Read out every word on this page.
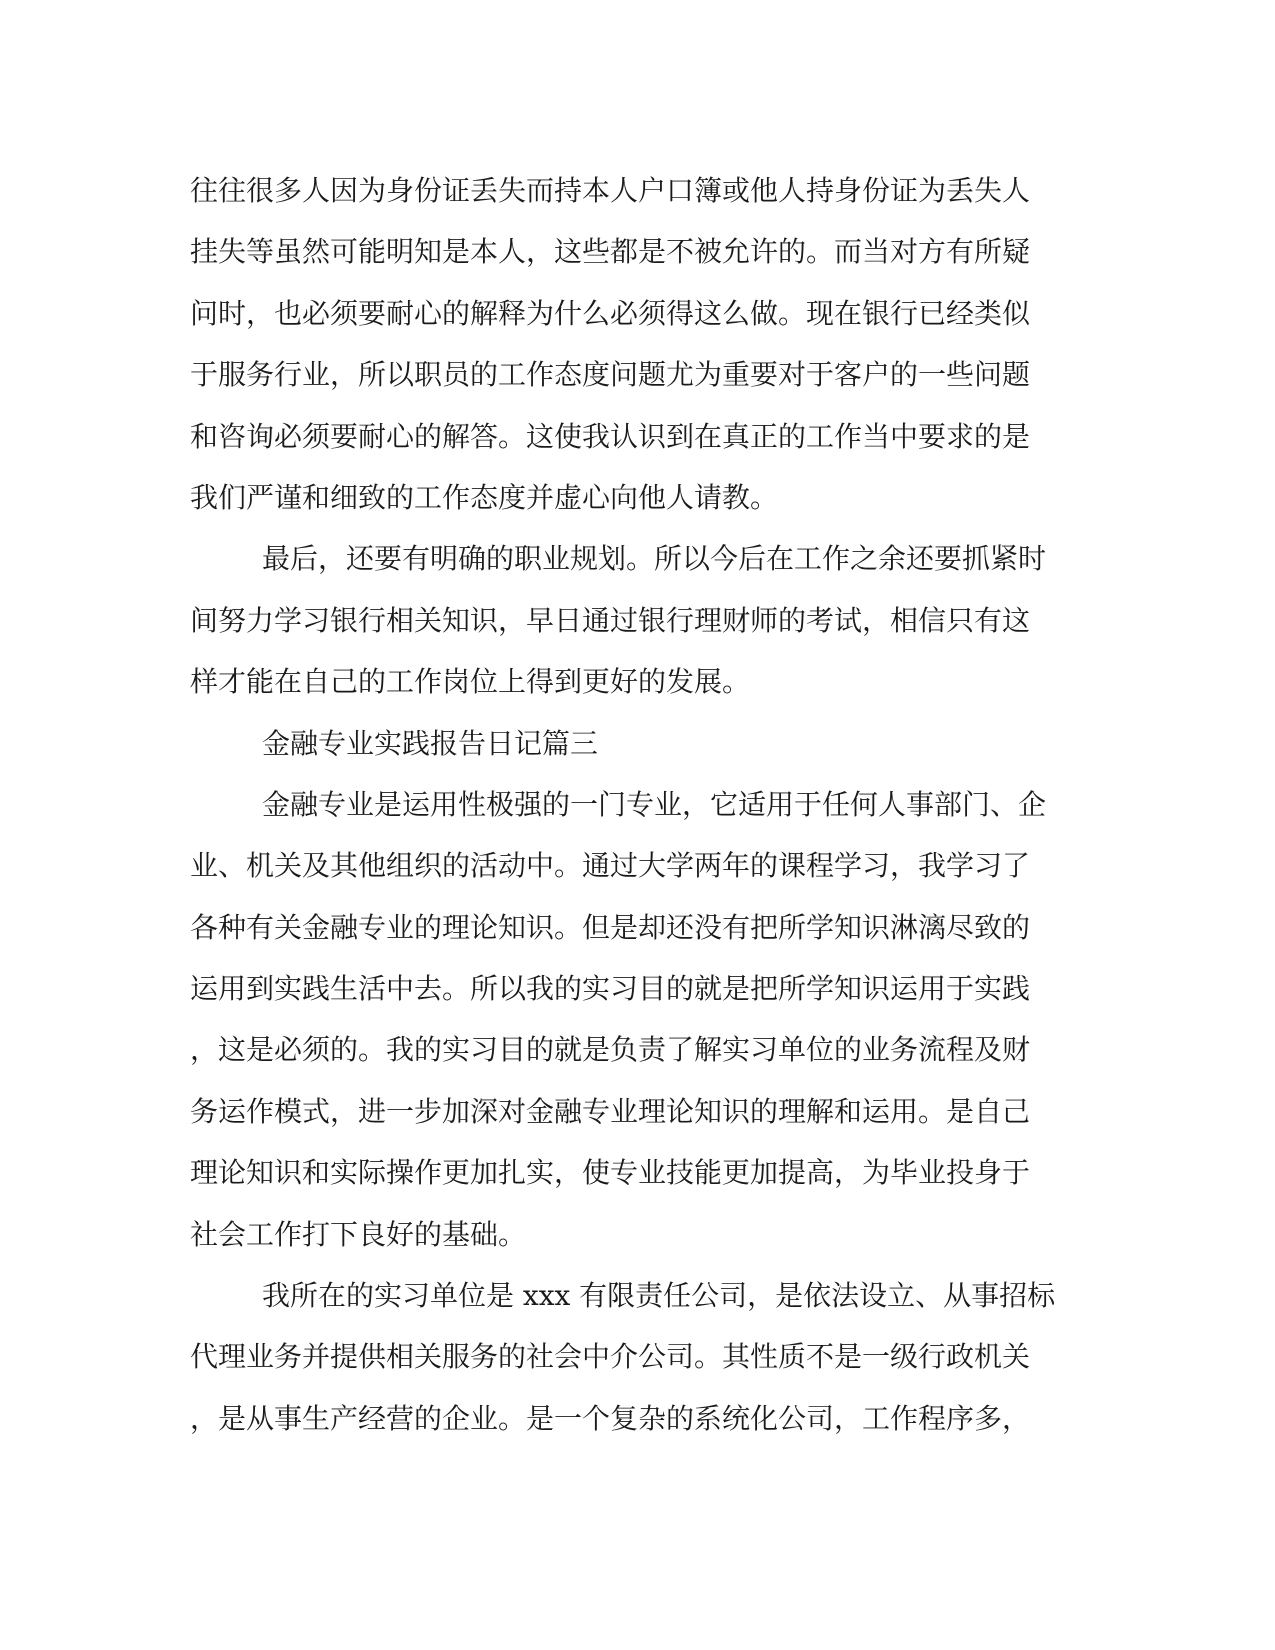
往往很多人因为身份证丢失而持本人户口簿或他人持身份证为丢失人
挂失等虽然可能明知是本人，这些都是不被允许的。而当对方有所疑
问时，也必须要耐心的解释为什么必须得这么做。现在银行已经类似
于服务行业，所以职员的工作态度问题尤为重要对于客户的一些问题
和咨询必须要耐心的解答。这使我认识到在真正的工作当中要求的是
我们严谨和细致的工作态度并虚心向他人请教。
最后，还要有明确的职业规划。所以今后在工作之余还要抓紧时
间努力学习银行相关知识，早日通过银行理财师的考试，相信只有这
样才能在自己的工作岗位上得到更好的发展。
金融专业实践报告日记篇三
金融专业是运用性极强的一门专业，它适用于任何人事部门、企
业、机关及其他组织的活动中。通过大学两年的课程学习，我学习了
各种有关金融专业的理论知识。但是却还没有把所学知识淋漓尽致的
运用到实践生活中去。所以我的实习目的就是把所学知识运用于实践
，这是必须的。我的实习目的就是负责了解实习单位的业务流程及财
务运作模式，进一步加深对金融专业理论知识的理解和运用。是自己
理论知识和实际操作更加扎实，使专业技能更加提高，为毕业投身于
社会工作打下良好的基础。
我所在的实习单位是 xxx 有限责任公司，是依法设立、从事招标
代理业务并提供相关服务的社会中介公司。其性质不是一级行政机关
，是从事生产经营的企业。是一个复杂的系统化公司，工作程序多，
